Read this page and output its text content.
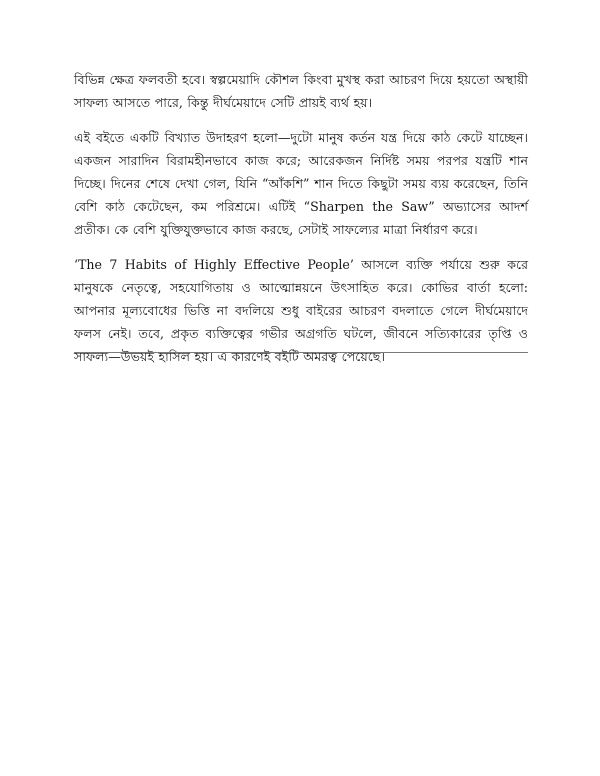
বিভিন্ন ক্ষেত্র ফলবতী হবে। স্বল্পমেয়াদি কৌশল কিংবা মুখস্থ করা আচরণ দিয়ে হয়তো অস্থায়ী সাফল্য আসতে পারে, কিন্তু দীর্ঘমেয়াদে সেটি প্রায়ই ব্যর্থ হয়।

এই বইতে একটি বিখ্যাত উদাহরণ হলো—দুটো মানুষ কর্তন যন্ত্র দিয়ে কাঠ কেটে যাচ্ছেন। একজন সারাদিন বিরামহীনভাবে কাজ করে; আরেকজন নির্দিষ্ট সময় পরপর যন্ত্রটি শান দিচ্ছে। দিনের শেষে দেখা গেল, যিনি “আঁকশি” শান দিতে কিছুটা সময় ব্যয় করেছেন, তিনি বেশি কাঠ কেটেছেন, কম পরিশ্রমে। এটিই “Sharpen the Saw” অভ্যাসের আদর্শ প্রতীক। কে বেশি যুক্তিযুক্তভাবে কাজ করছে, সেটাই সাফল্যের মাত্রা নির্ধারণ করে।

‘The 7 Habits of Highly Effective People’ আসলে ব্যক্তি পর্যায়ে শুরু করে মানুষকে নেতৃত্বে, সহযোগিতায় ও আত্মোন্নয়নে উৎসাহিত করে। কোভির বার্তা হলো: আপনার মূল্যবোধের ভিত্তি না বদলিয়ে শুধু বাইরের আচরণ বদলাতে গেলে দীর্ঘমেয়াদে ফলস নেই। তবে, প্রকৃত ব্যক্তিত্বের গভীর অগ্রগতি ঘটলে, জীবনে সত্যিকারের তৃপ্তি ও সাফল্য—উভয়ই হাসিল হয়। এ কারণেই বইটি অমরত্ব পেয়েছে।
